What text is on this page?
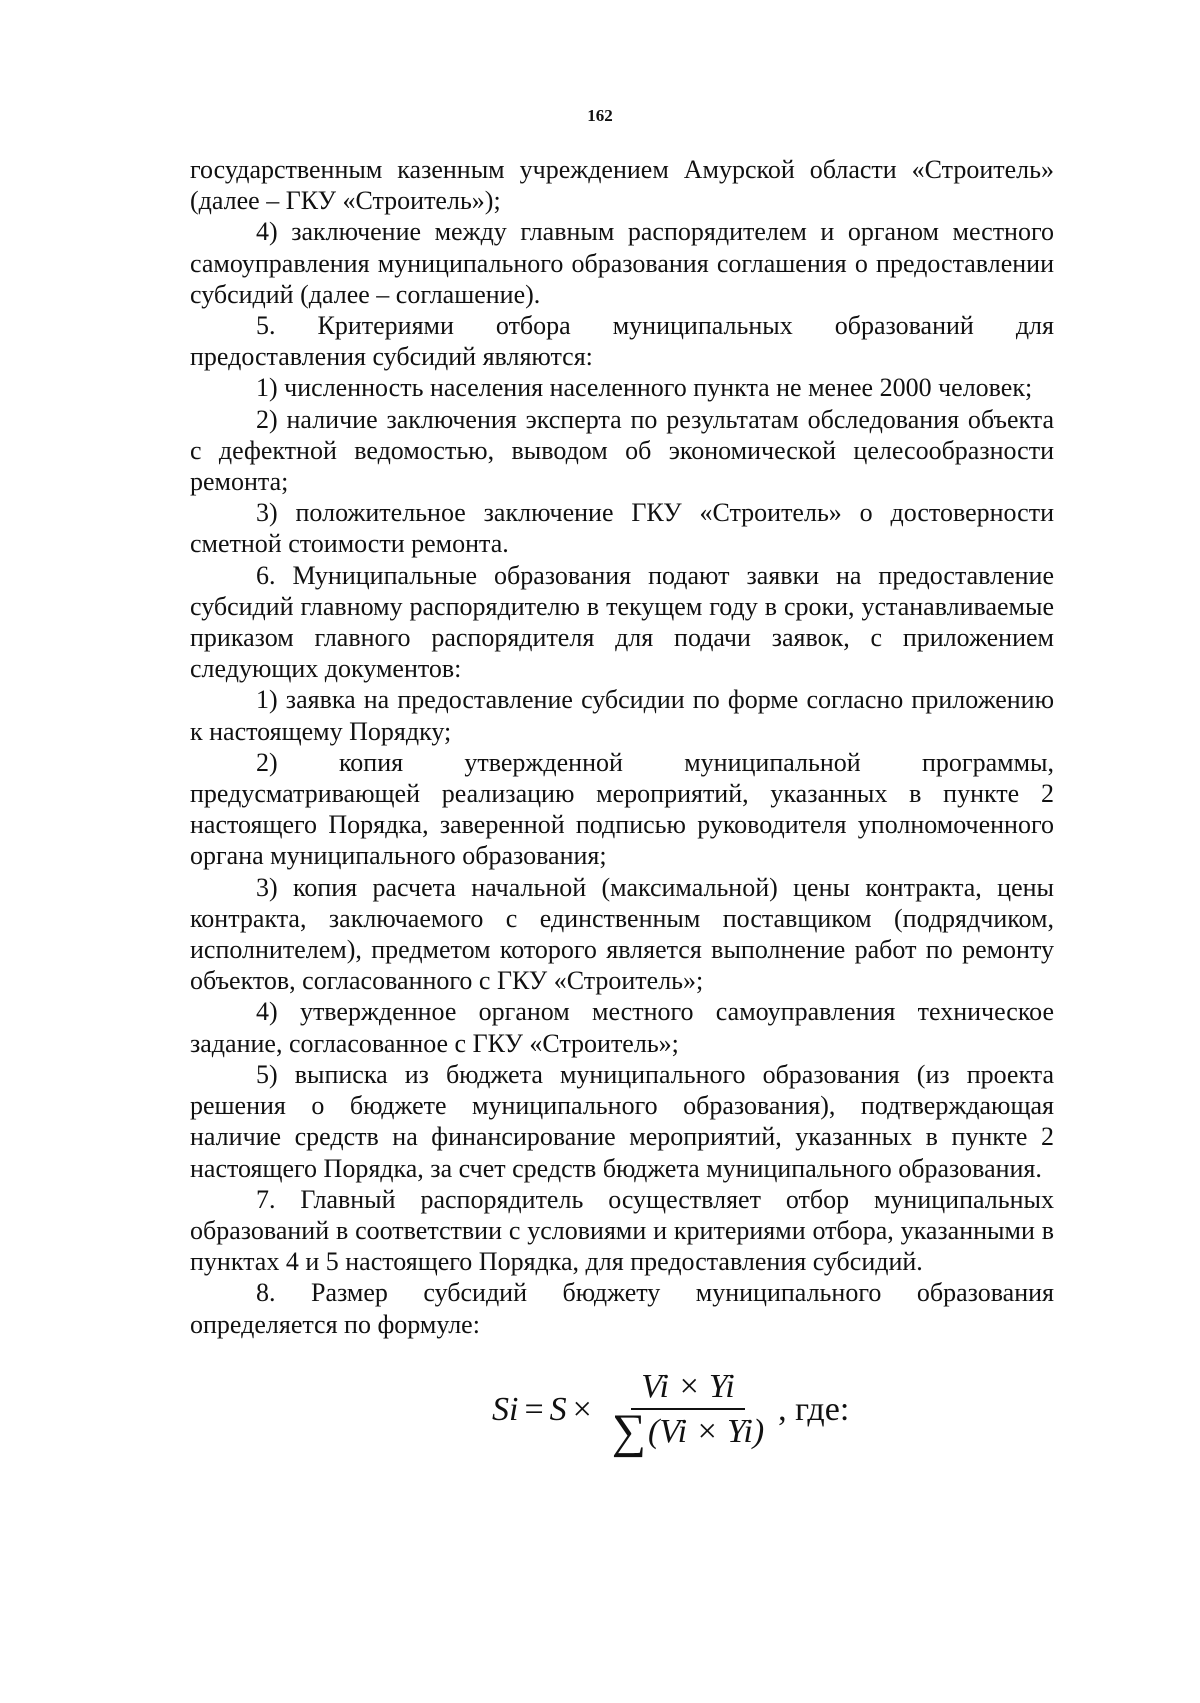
162

государственным казенным учреждением Амурской области «Строитель» (далее – ГКУ «Строитель»);

4) заключение между главным распорядителем и органом местного самоуправления муниципального образования соглашения о предоставлении субсидий (далее – соглашение).

5. Критериями отбора муниципальных образований для предоставления субсидий являются:

1) численность населения населенного пункта не менее 2000 человек;

2) наличие заключения эксперта по результатам обследования объекта с дефектной ведомостью, выводом об экономической целесообразности ремонта;

3) положительное заключение ГКУ «Строитель» о достоверности сметной стоимости ремонта.

6. Муниципальные образования подают заявки на предоставление субсидий главному распорядителю в текущем году в сроки, устанавливаемые приказом главного распорядителя для подачи заявок, с приложением следующих документов:

1) заявка на предоставление субсидии по форме согласно приложению к настоящему Порядку;

2) копия утвержденной муниципальной программы, предусматривающей реализацию мероприятий, указанных в пункте 2 настоящего Порядка, заверенной подписью руководителя уполномоченного органа муниципального образования;

3) копия расчета начальной (максимальной) цены контракта, цены контракта, заключаемого с единственным поставщиком (подрядчиком, исполнителем), предметом которого является выполнение работ по ремонту объектов, согласованного с ГКУ «Строитель»;

4) утвержденное органом местного самоуправления техническое задание, согласованное с ГКУ «Строитель»;

5) выписка из бюджета муниципального образования (из проекта решения о бюджете муниципального образования), подтверждающая наличие средств на финансирование мероприятий, указанных в пункте 2 настоящего Порядка, за счет средств бюджета муниципального образования.

7. Главный распорядитель осуществляет отбор муниципальных образований в соответствии с условиями и критериями отбора, указанными в пунктах 4 и 5 настоящего Порядка, для предоставления субсидий.

8. Размер субсидий бюджету муниципального образования определяется по формуле:

$Si = S \times \frac{Vi \times Yi}{\sum (Vi \times Yi)}$ , где:
